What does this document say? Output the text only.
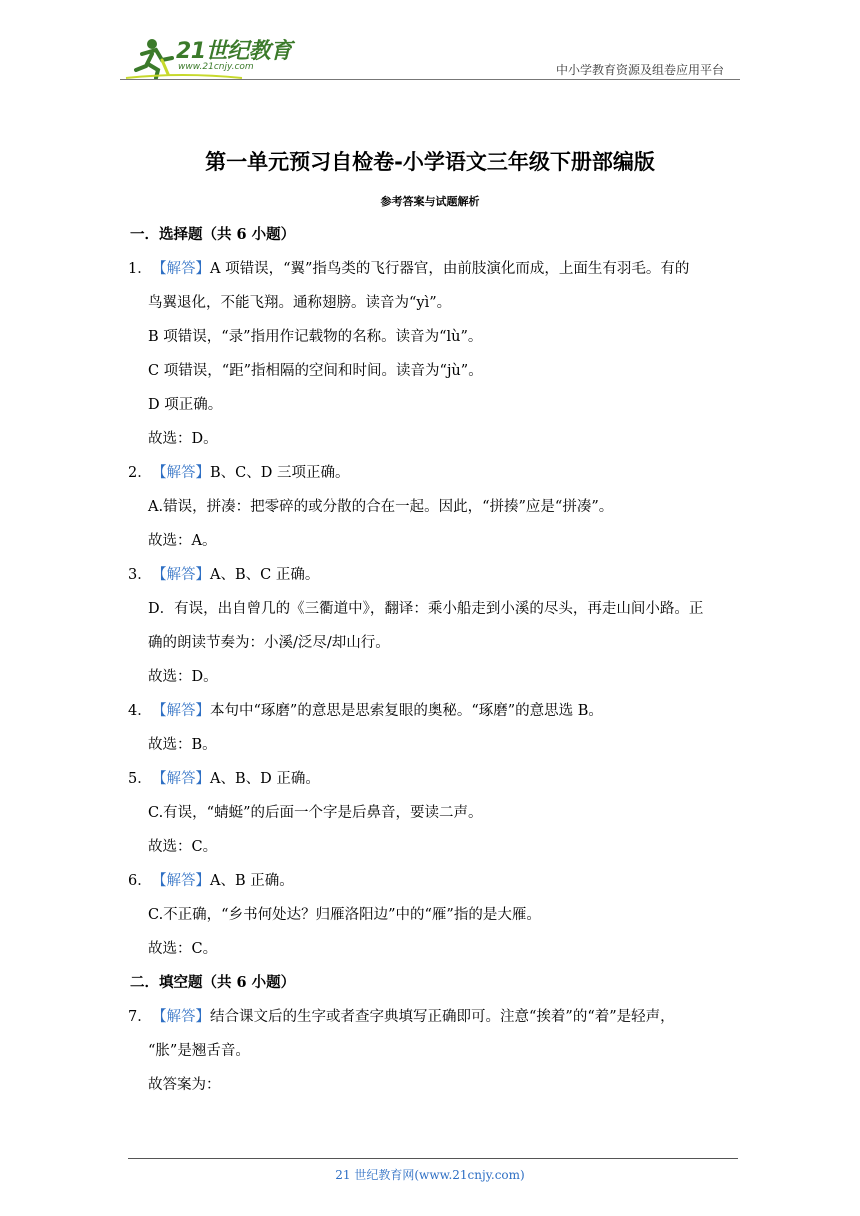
21世纪教育
www.21cnjy.com	中小学教育资源及组卷应用平台
第一单元预习自检卷-小学语文三年级下册部编版
参考答案与试题解析
一．选择题（共 6 小题）
1．【解答】A 项错误，“翼”指鸟类的飞行器官，由前肢演化而成，上面生有羽毛。有的
鸟翼退化，不能飞翔。通称翅膀。读音为“yì”。
B 项错误，“录”指用作记载物的名称。读音为“lù”。
C 项错误，“距”指相隔的空间和时间。读音为“jù”。
D 项正确。
故选：D。
2．【解答】B、C、D 三项正确。
A.错误，拼凑：把零碎的或分散的合在一起。因此，“拼揍”应是“拼凑”。
故选：A。
3．【解答】A、B、C 正确。
D．有误，出自曾几的《三衢道中》，翻译：乘小船走到小溪的尽头，再走山间小路。正
确的朗读节奏为：小溪/泛尽/却山行。
故选：D。
4．【解答】本句中“琢磨”的意思是思索复眼的奥秘。“琢磨”的意思选 B。
故选：B。
5．【解答】A、B、D 正确。
C.有误，“蜻蜓”的后面一个字是后鼻音，要读二声。
故选：C。
6．【解答】A、B 正确。
C.不正确，“乡书何处达？归雁洛阳边”中的“雁”指的是大雁。
故选：C。
二．填空题（共 6 小题）
7．【解答】结合课文后的生字或者查字典填写正确即可。注意“挨着”的“着”是轻声，
“胀”是翘舌音。
故答案为：
21 世纪教育网(www.21cnjy.com)
